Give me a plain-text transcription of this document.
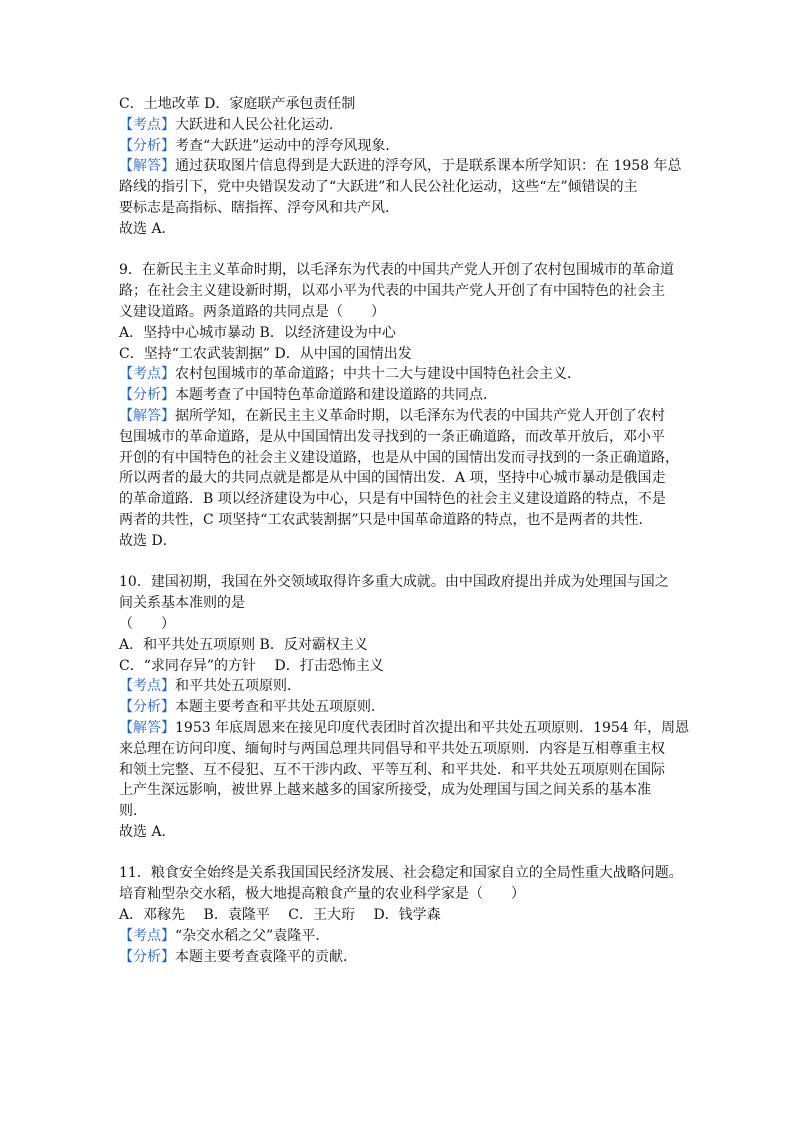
C．土地改革 D．家庭联产承包责任制
【考点】大跃进和人民公社化运动．
【分析】考查“大跃进”运动中的浮夸风现象．
【解答】通过获取图片信息得到是大跃进的浮夸风，于是联系课本所学知识：在 1958 年总
路线的指引下，党中央错误发动了“大跃进”和人民公社化运动，这些“左”倾错误的主
要标志是高指标、瞎指挥、浮夸风和共产风．
故选 A．
9．在新民主主义革命时期，以毛泽东为代表的中国共产党人开创了农村包围城市的革命道
路；在社会主义建设新时期，以邓小平为代表的中国共产党人开创了有中国特色的社会主
义建设道路。两条道路的共同点是（　　）
A．坚持中心城市暴动 B．以经济建设为中心
C．坚持“工农武装割据” D．从中国的国情出发
【考点】农村包围城市的革命道路；中共十二大与建设中国特色社会主义．
【分析】本题考查了中国特色革命道路和建设道路的共同点．
【解答】据所学知，在新民主主义革命时期，以毛泽东为代表的中国共产党人开创了农村
包围城市的革命道路，是从中国国情出发寻找到的一条正确道路，而改革开放后，邓小平
开创的有中国特色的社会主义建设道路，也是从中国的国情出发而寻找到的一条正确道路，
所以两者的最大的共同点就是都是从中国的国情出发．A 项，坚持中心城市暴动是俄国走
的革命道路．B 项以经济建设为中心，只是有中国特色的社会主义建设道路的特点，不是
两者的共性，C 项坚持“工农武装割据”只是中国革命道路的特点，也不是两者的共性．
故选 D．
10．建国初期，我国在外交领域取得许多重大成就。由中国政府提出并成为处理国与国之
间关系基本准则的是
（　　）
A．和平共处五项原则 B．反对霸权主义
C．“求同存异”的方针　 D．打击恐怖主义
【考点】和平共处五项原则．
【分析】本题主要考查和平共处五项原则．
【解答】1953 年底周恩来在接见印度代表团时首次提出和平共处五项原则．1954 年，周恩
来总理在访问印度、缅甸时与两国总理共同倡导和平共处五项原则．内容是互相尊重主权
和领土完整、互不侵犯、互不干涉内政、平等互利、和平共处．和平共处五项原则在国际
上产生深远影响，被世界上越来越多的国家所接受，成为处理国与国之间关系的基本准
则．
故选 A．
11．粮食安全始终是关系我国国民经济发展、社会稳定和国家自立的全局性重大战略问题。
培育籼型杂交水稻，极大地提高粮食产量的农业科学家是（　　）
A．邓稼先　 B．袁隆平　 C．王大珩　 D．钱学森
【考点】“杂交水稻之父”袁隆平．
【分析】本题主要考查袁隆平的贡献．
